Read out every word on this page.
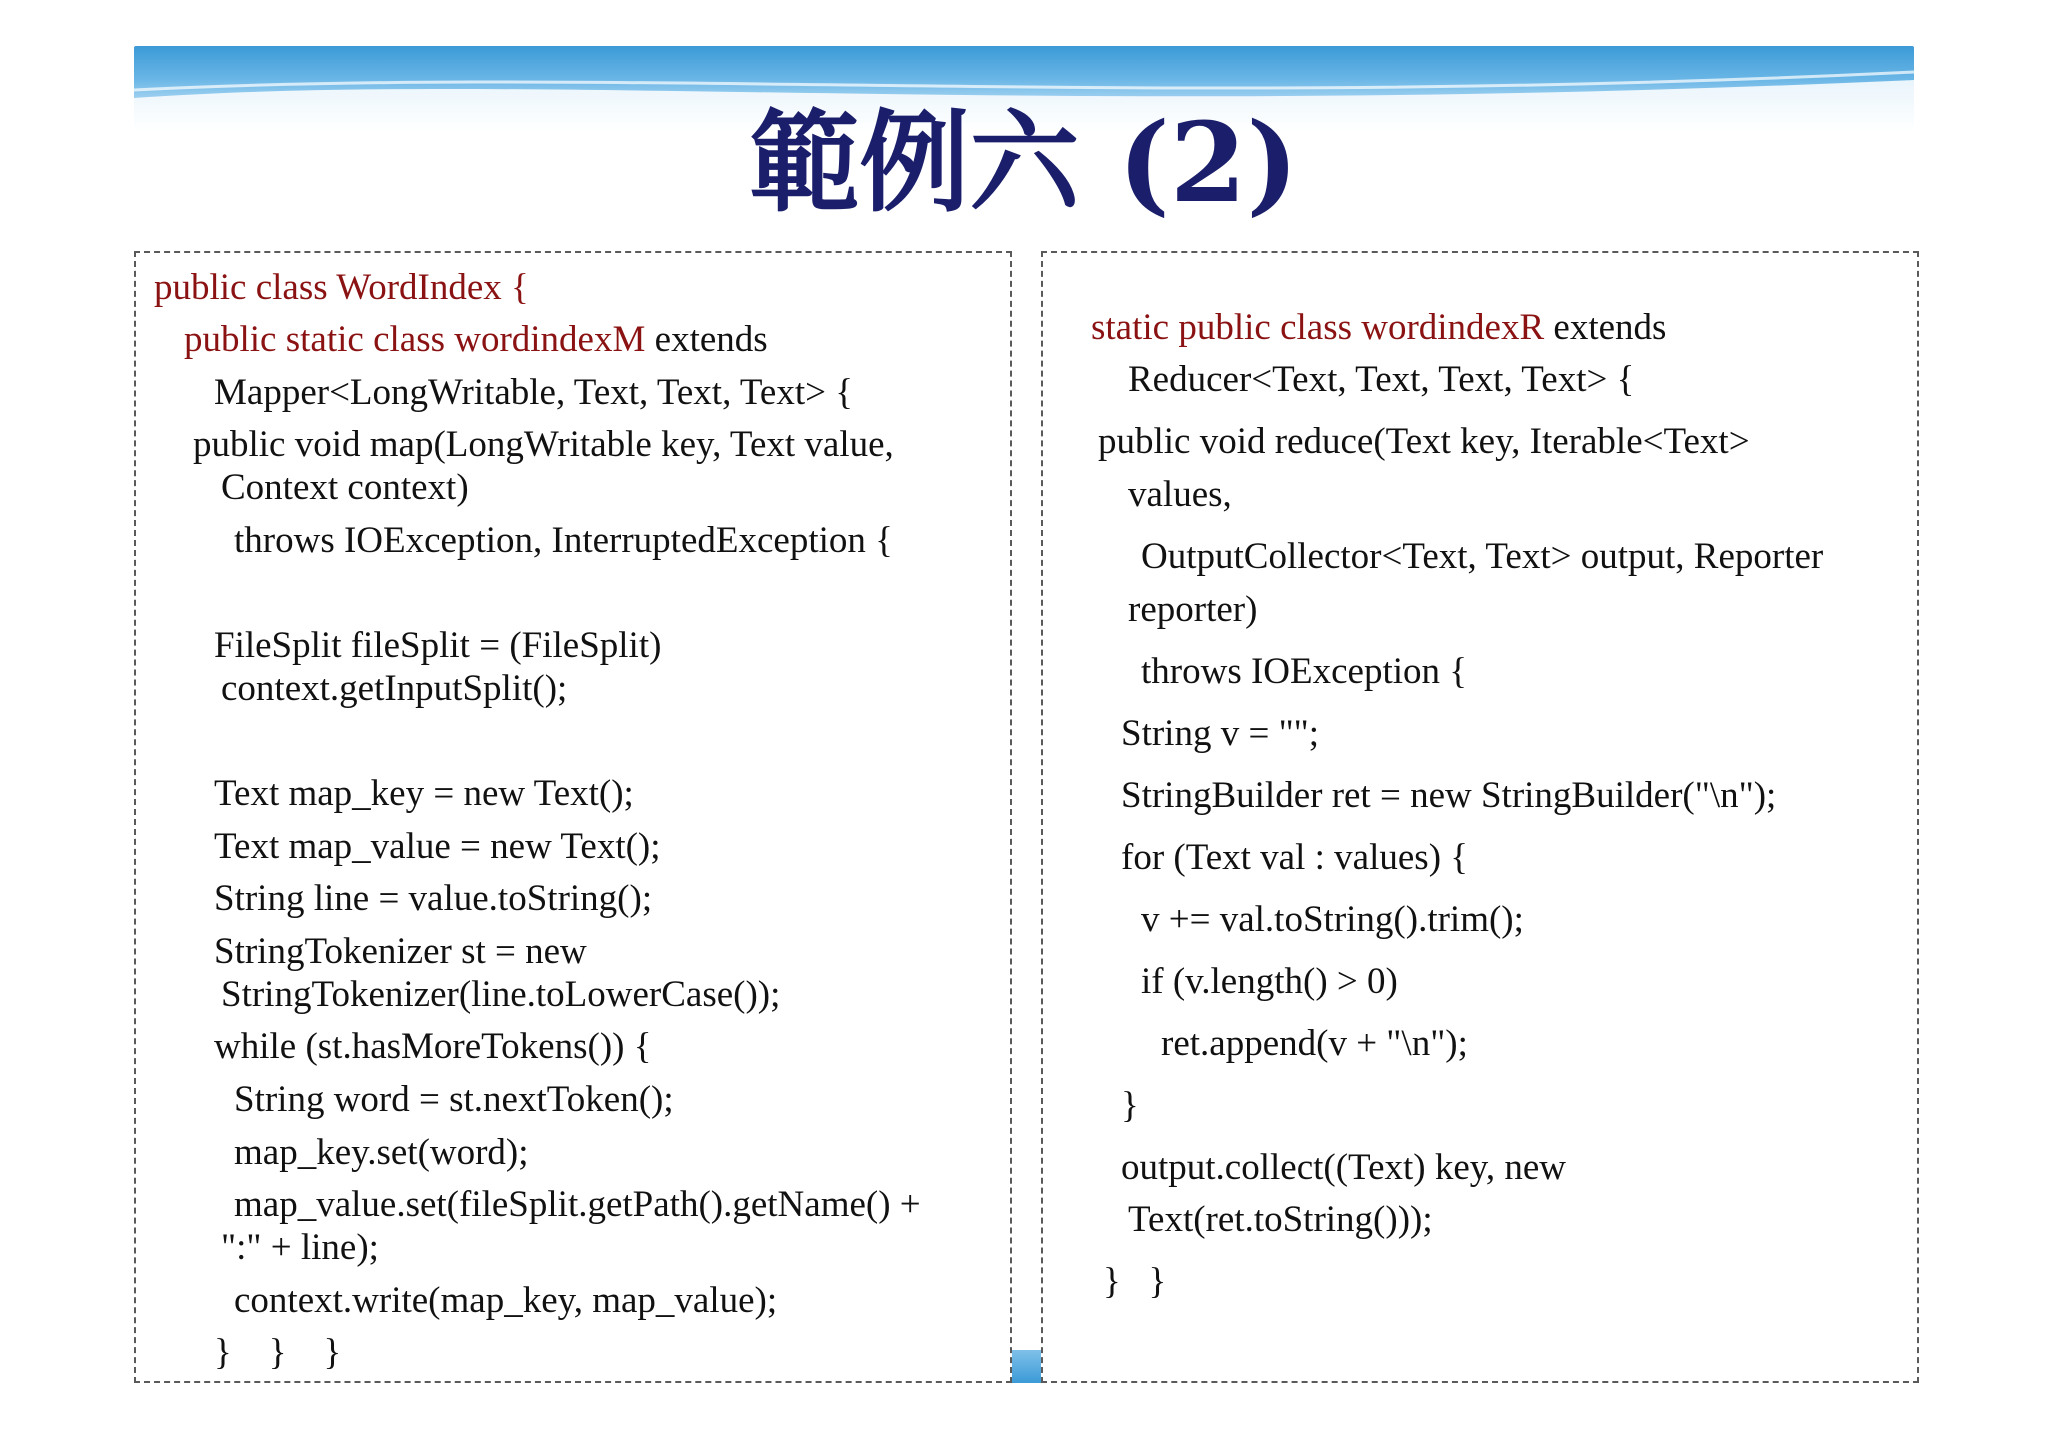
範例六 (2)
public class WordIndex {
public static class wordindexM extends
Mapper<LongWritable, Text, Text, Text> {
public void map(LongWritable key, Text value,
Context context)
throws IOException, InterruptedException {
FileSplit fileSplit = (FileSplit)
context.getInputSplit();
Text map_key = new Text();
Text map_value = new Text();
String line = value.toString();
StringTokenizer st = new
StringTokenizer(line.toLowerCase());
while (st.hasMoreTokens()) {
String word = st.nextToken();
map_key.set(word);
map_value.set(fileSplit.getPath().getName() +
":" + line);
context.write(map_key, map_value);
}    }    }
static public class wordindexR extends
Reducer<Text, Text, Text, Text> {
public void reduce(Text key, Iterable<Text>
values,
OutputCollector<Text, Text> output, Reporter
reporter)
throws IOException {
String v = "";
StringBuilder ret = new StringBuilder("\n");
for (Text val : values) {
v += val.toString().trim();
if (v.length() > 0)
ret.append(v + "\n");
}
output.collect((Text) key, new
Text(ret.toString()));
}   }
